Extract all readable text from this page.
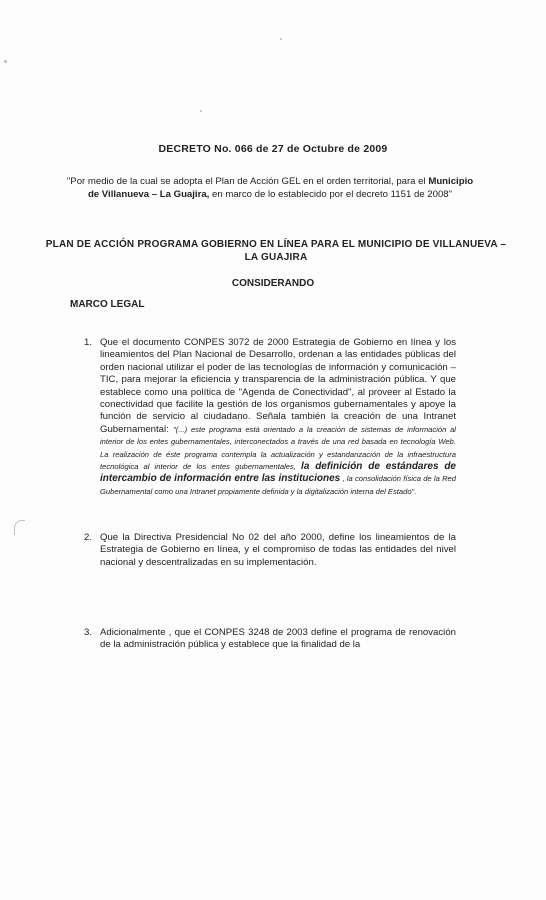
DECRETO No. 066 de 27 de Octubre de 2009
"Por medio de la cual se adopta el Plan de Acción GEL en el orden territorial, para el Municipio de Villanueva – La Guajira, en marco de lo establecido por el decreto 1151 de 2008"
PLAN DE ACCIÓN PROGRAMA GOBIERNO EN LÍNEA PARA EL MUNICIPIO DE VILLANUEVA – LA GUAJIRA
CONSIDERANDO
MARCO LEGAL
1. Que el documento CONPES 3072 de 2000 Estrategia de Gobierno en línea y los lineamientos del Plan Nacional de Desarrollo, ordenan a las entidades públicas del orden nacional utilizar el poder de las tecnologías de información y comunicación – TIC, para mejorar la eficiencia y transparencia de la administración pública. Y que establece como una política de "Agenda de Conectividad", al proveer al Estado la conectividad que facilite la gestión de los organismos gubernamentales y apoye la función de servicio al ciudadano. Señala también la creación de una Intranet Gubernamental: "(...) este programa está orientado a la creación de sistemas de información al interior de los entes gubernamentales, interconectados a través de una red basada en tecnología Web. La realización de éste programa contempla la actualización y estandarización de la infraestructura tecnológica al interior de los entes gubernamentales, la definición de estándares de intercambio de información entre las instituciones , la consolidación física de la Red Gubernamental como una Intranet propiamente definida y la digitalización interna del Estado".
2. Que la Directiva Presidencial No 02 del año 2000, define los lineamientos de la Estrategia de Gobierno en línea, y el compromiso de todas las entidades del nivel nacional y descentralizadas en su implementación.
3. Adicionalmente , que el CONPES 3248 de 2003 define el programa de renovación de la administración pública y establece que la finalidad de la
